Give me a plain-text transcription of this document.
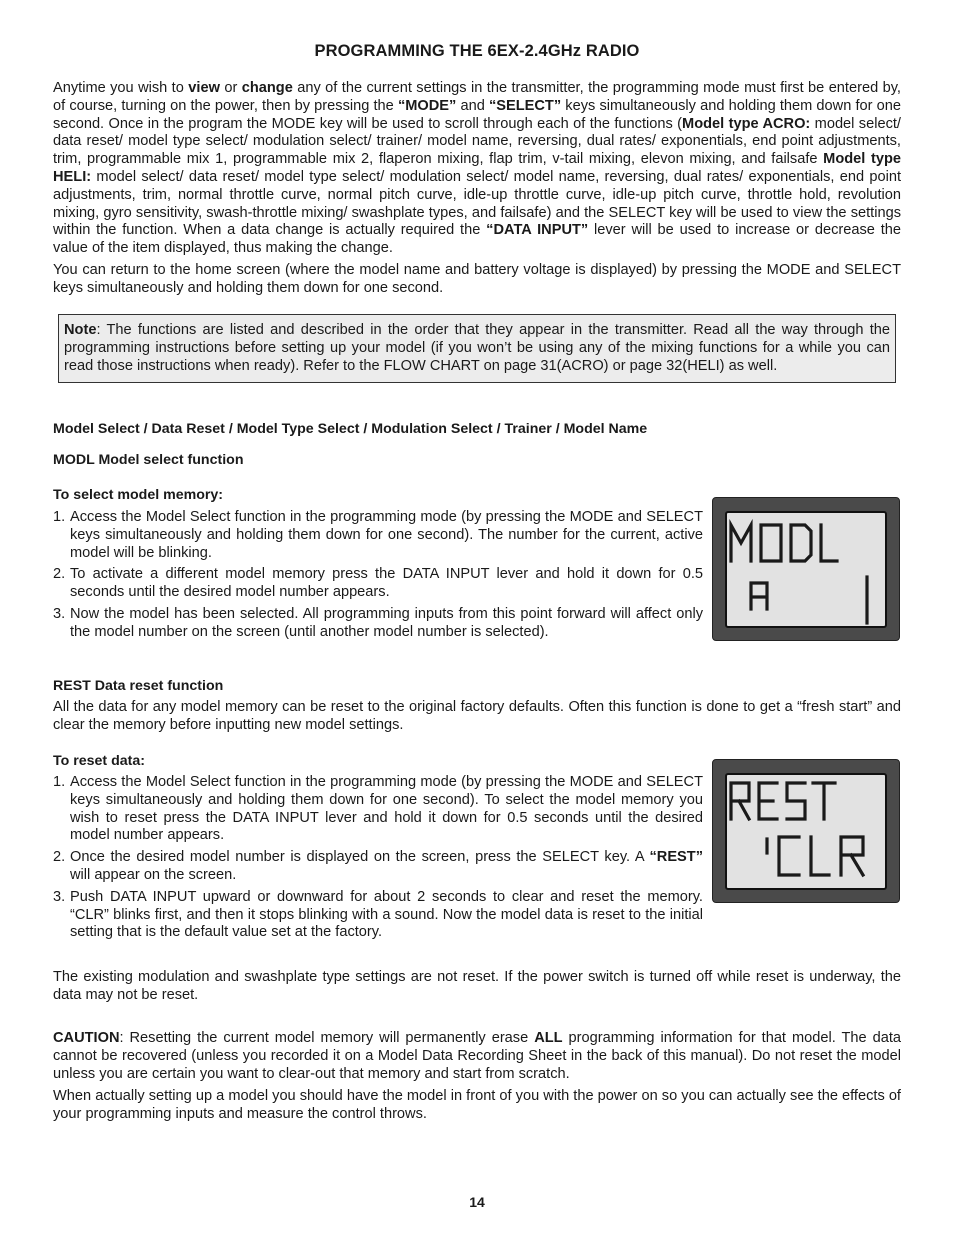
PROGRAMMING THE 6EX-2.4GHz RADIO
Anytime you wish to view or change any of the current settings in the transmitter, the programming mode must first be entered by, of course, turning on the power, then by pressing the “MODE” and “SELECT” keys simultaneously and holding them down for one second. Once in the program the MODE key will be used to scroll through each of the functions (Model type ACRO: model select/ data reset/ model type select/ modulation select/ trainer/ model name, reversing, dual rates/ exponentials, end point adjustments, trim, programmable mix 1, programmable mix 2, flaperon mixing, flap trim, v-tail mixing, elevon mixing, and failsafe Model type HELI: model select/ data reset/ model type select/ modulation select/ model name, reversing, dual rates/ exponentials, end point adjustments, trim, normal throttle curve, normal pitch curve, idle-up throttle curve, idle-up pitch curve, throttle hold, revolution mixing, gyro sensitivity, swash-throttle mixing/ swashplate types, and failsafe) and the SELECT key will be used to view the settings within the function. When a data change is actually required the “DATA INPUT” lever will be used to increase or decrease the value of the item displayed, thus making the change.
You can return to the home screen (where the model name and battery voltage is displayed) by pressing the MODE and SELECT keys simultaneously and holding them down for one second.
Note: The functions are listed and described in the order that they appear in the transmitter. Read all the way through the programming instructions before setting up your model (if you won’t be using any of the mixing functions for a while you can read those instructions when ready). Refer to the FLOW CHART on page 31(ACRO) or page 32(HELI) as well.
Model Select / Data Reset / Model Type Select / Modulation Select / Trainer / Model Name
MODL Model select function
To select model memory:
1. Access the Model Select function in the programming mode (by pressing the MODE and SELECT keys simultaneously and holding them down for one second). The number for the current, active model will be blinking.
2. To activate a different model memory press the DATA INPUT lever and hold it down for 0.5 seconds until the desired model number appears.
3. Now the model has been selected. All programming inputs from this point forward will affect only the model number on the screen (until another model number is selected).
MODL
REST Data reset function
All the data for any model memory can be reset to the original factory defaults. Often this function is done to get a “fresh start” and clear the memory before inputting new model settings.
To reset data:
1. Access the Model Select function in the programming mode (by pressing the MODE and SELECT keys simultaneously and holding them down for one second). To select the model memory you wish to reset press the DATA INPUT lever and hold it down for 0.5 seconds until the desired model number appears.
2. Once the desired model number is displayed on the screen, press the SELECT key. A “REST” will appear on the screen.
3. Push DATA INPUT upward or downward for about 2 seconds to clear and reset the memory. “CLR” blinks first, and then it stops blinking with a sound. Now the model data is reset to the initial setting that is the default value set at the factory.
The existing modulation and swashplate type settings are not reset. If the power switch is turned off while reset is underway, the data may not be reset.
CAUTION: Resetting the current model memory will permanently erase ALL programming information for that model. The data cannot be recovered (unless you recorded it on a Model Data Recording Sheet in the back of this manual). Do not reset the model unless you are certain you want to clear-out that memory and start from scratch.
When actually setting up a model you should have the model in front of you with the power on so you can actually see the effects of your programming inputs and measure the control throws.
14
